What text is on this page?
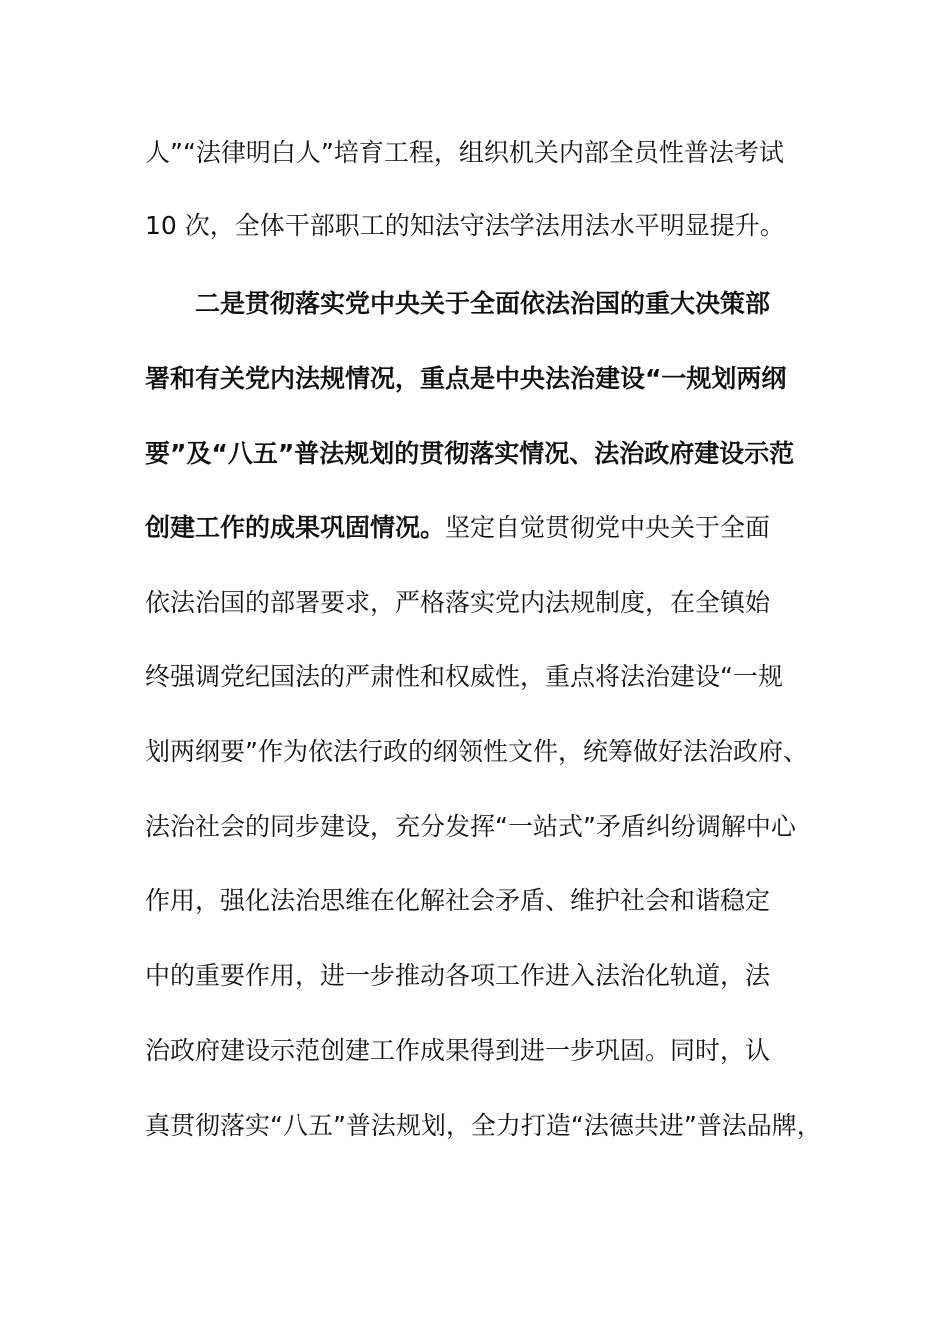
人”“法律明白人”培育工程，组织机关内部全员性普法考试
10 次，全体干部职工的知法守法学法用法水平明显提升。
二是贯彻落实党中央关于全面依法治国的重大决策部
署和有关党内法规情况，重点是中央法治建设“一规划两纲
要”及“八五”普法规划的贯彻落实情况、法治政府建设示范
创建工作的成果巩固情况。坚定自觉贯彻党中央关于全面
依法治国的部署要求，严格落实党内法规制度，在全镇始
终强调党纪国法的严肃性和权威性，重点将法治建设“一规
划两纲要”作为依法行政的纲领性文件，统筹做好法治政府、
法治社会的同步建设，充分发挥“一站式”矛盾纠纷调解中心
作用，强化法治思维在化解社会矛盾、维护社会和谐稳定
中的重要作用，进一步推动各项工作进入法治化轨道，法
治政府建设示范创建工作成果得到进一步巩固。同时，认
真贯彻落实“八五”普法规划，全力打造“法德共进”普法品牌，
